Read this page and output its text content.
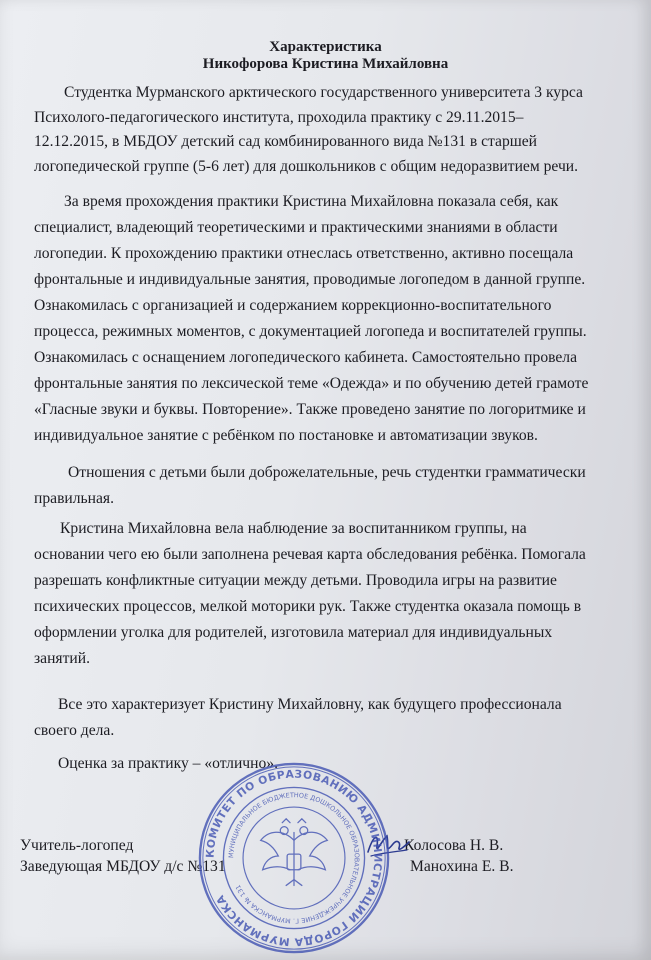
Характеристика
Никофорова Кристина Михайловна

Студентка Мурманского арктического государственного университета 3 курса
Психолого-педагогического института, проходила практику с 29.11.2015–
12.12.2015, в МБДОУ детский сад комбинированного вида №131 в старшей
логопедической группе (5-6 лет) для дошкольников с общим недоразвитием речи.

За время прохождения практики Кристина Михайловна показала себя, как
специалист, владеющий теоретическими и практическими знаниями в области
логопедии. К прохождению практики отнеслась ответственно, активно посещала
фронтальные и индивидуальные занятия, проводимые логопедом в данной группе.
Ознакомилась с организацией и содержанием коррекционно-воспитательного
процесса, режимных моментов, с документацией логопеда и воспитателей группы.
Ознакомилась с оснащением логопедического кабинета. Самостоятельно провела
фронтальные занятия по лексической теме «Одежда» и по обучению детей грамоте
«Гласные звуки и буквы. Повторение». Также проведено занятие по логоритмике и
индивидуальное занятие с ребёнком по постановке и автоматизации звуков.

Отношения с детьми были доброжелательные, речь студентки грамматически
правильная.

Кристина Михайловна вела наблюдение за воспитанником группы, на
основании чего ею были заполнена речевая карта обследования ребёнка. Помогала
разрешать конфликтные ситуации между детьми. Проводила игры на развитие
психических процессов, мелкой моторики рук. Также студентка оказала помощь в
оформлении уголка для родителей, изготовила материал для индивидуальных
занятий.

Все это характеризует Кристину Михайловну, как будущего профессионала
своего дела.

Оценка за практику – «отлично».

Учитель-логопед	Колосова Н. В.
Заведующая МБДОУ д/с №131	Манохина Е. В.
КОМИТЕТ ПО ОБРАЗОВАНИЮ АДМИНИСТРАЦИИ ГОРОДА МУРМАНСКА
МУНИЦИПАЛЬНОЕ БЮДЖЕТНОЕ ДОШКОЛЬНОЕ ОБРАЗОВАТЕЛЬНОЕ УЧРЕЖДЕНИЕ Г. МУРМАНСКА № 131
